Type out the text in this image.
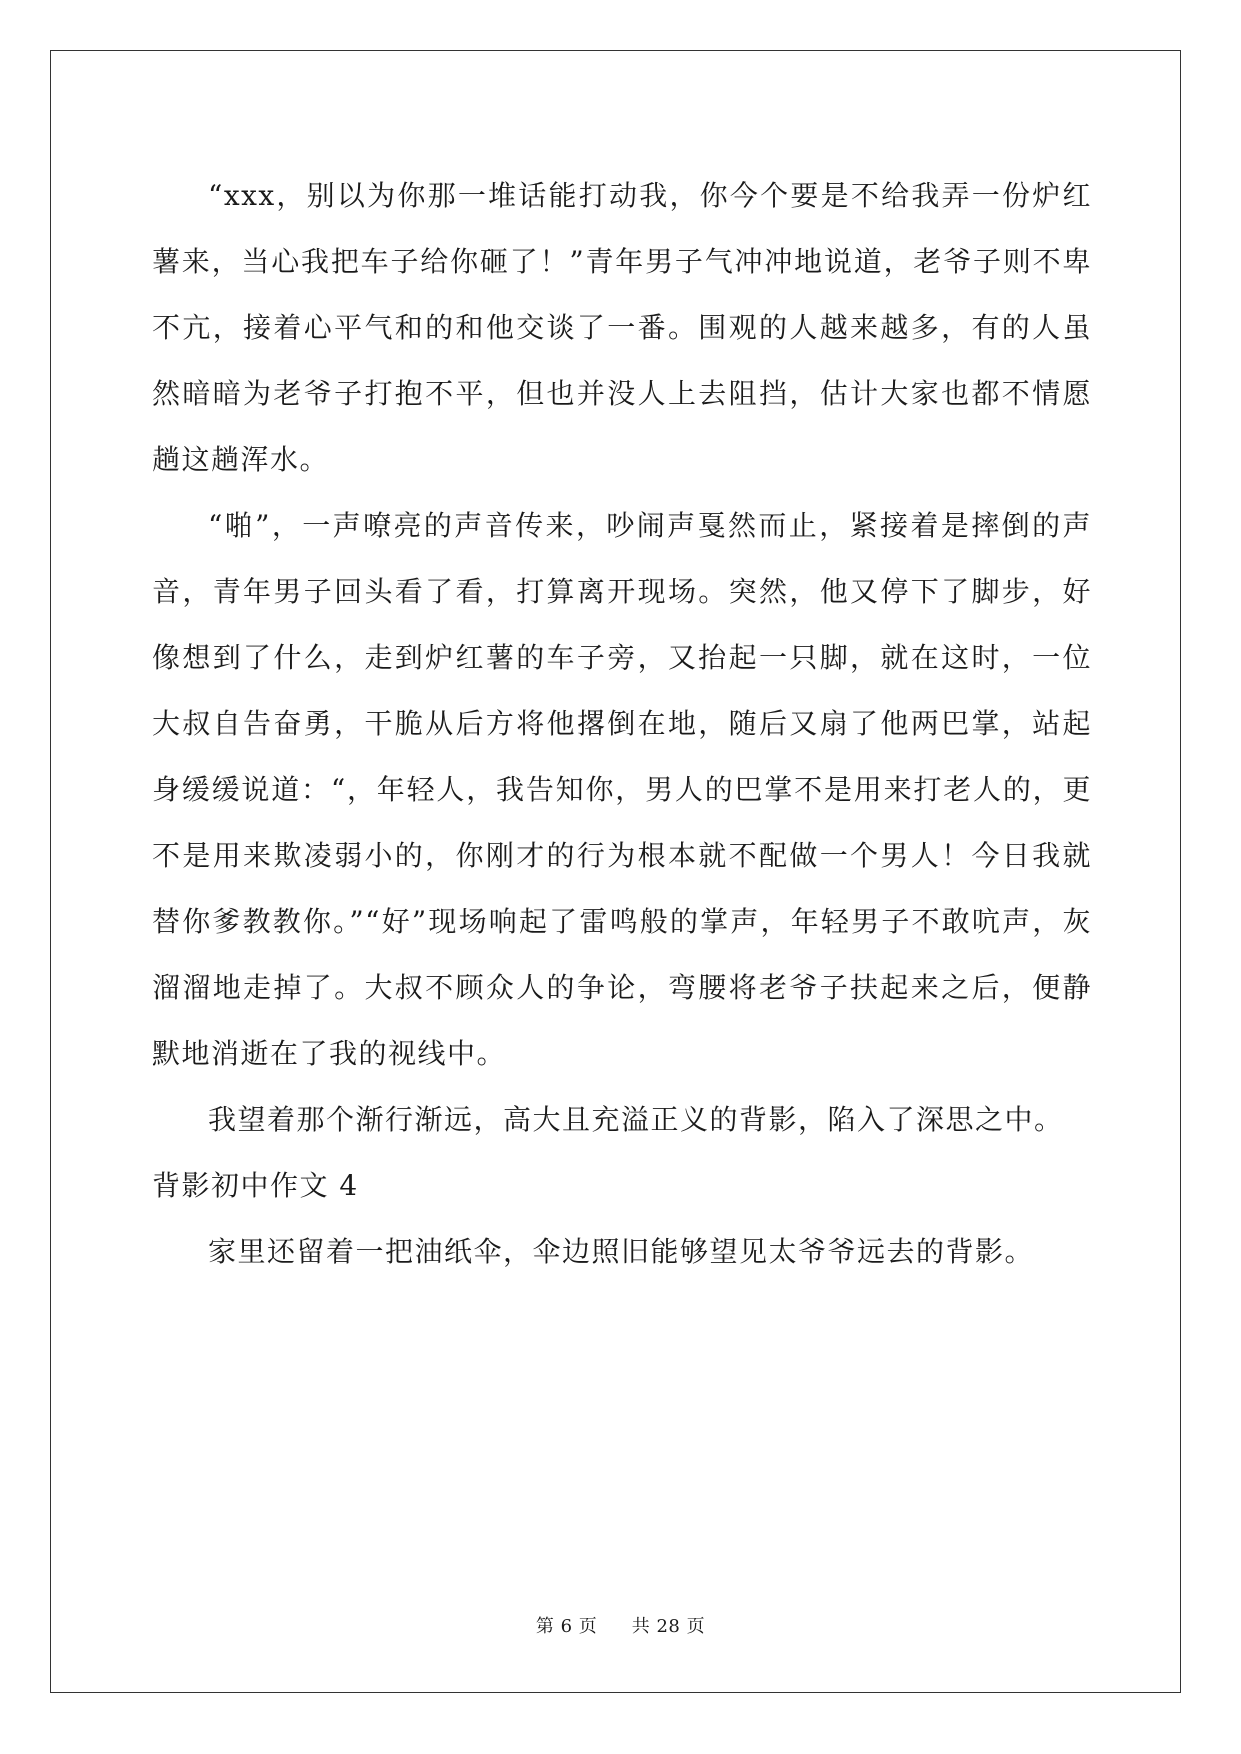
“xxx，别以为你那一堆话能打动我，你今个要是不给我弄一份炉红薯来，当心我把车子给你砸了！”青年男子气冲冲地说道，老爷子则不卑不亢，接着心平气和的和他交谈了一番。围观的人越来越多，有的人虽然暗暗为老爷子打抱不平，但也并没人上去阻挡，估计大家也都不情愿趟这趟浑水。

“啪”，一声嘹亮的声音传来，吵闹声戛然而止，紧接着是摔倒的声音，青年男子回头看了看，打算离开现场。突然，他又停下了脚步，好像想到了什么，走到炉红薯的车子旁，又抬起一只脚，就在这时，一位大叔自告奋勇，干脆从后方将他撂倒在地，随后又扇了他两巴掌，站起身缓缓说道：“，年轻人，我告知你，男人的巴掌不是用来打老人的，更不是用来欺凌弱小的，你刚才的行为根本就不配做一个男人！今日我就替你爹教教你。”“好”现场响起了雷鸣般的掌声，年轻男子不敢吭声，灰溜溜地走掉了。大叔不顾众人的争论，弯腰将老爷子扶起来之后，便静默地消逝在了我的视线中。

我望着那个渐行渐远，高大且充溢正义的背影，陷入了深思之中。

背影初中作文 4

家里还留着一把油纸伞，伞边照旧能够望见太爷爷远去的背影。

第 6 页 共 28 页
